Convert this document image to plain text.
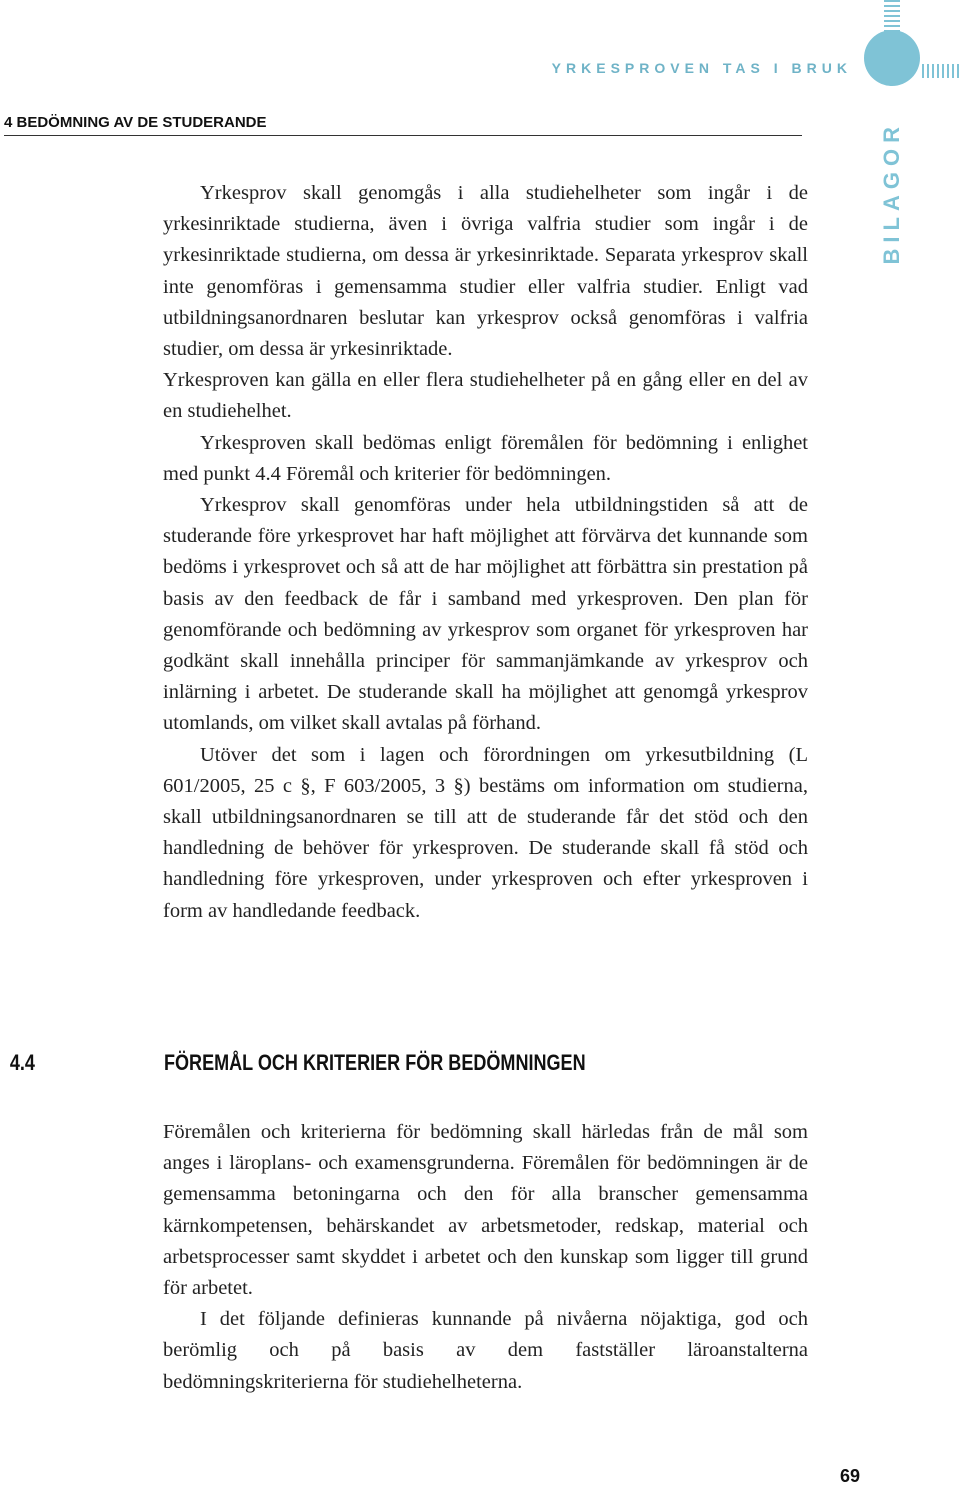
YRKESPROVEN TAS I BRUK
BILAGOR
4 BEDÖMNING AV DE STUDERANDE

Yrkesprov skall genomgås i alla studiehelheter som ingår i de yrkesinriktade studierna, även i övriga valfria studier som ingår i de yrkesinriktade studierna, om dessa är yrkesinriktade. Separata yrkesprov skall inte genomföras i gemensamma studier eller valfria studier. Enligt vad utbildningsanordnaren beslutar kan yrkesprov också genomföras i valfria studier, om dessa är yrkesinriktade.

Yrkesproven kan gälla en eller flera studiehelheter på en gång eller en del av en studiehelhet.

Yrkesproven skall bedömas enligt föremålen för bedömning i enlighet med punkt 4.4 Föremål och kriterier för bedömningen.

Yrkesprov skall genomföras under hela utbildningstiden så att de studerande före yrkesprovet har haft möjlighet att förvärva det kunnande som bedöms i yrkesprovet och så att de har möjlighet att förbättra sin prestation på basis av den feedback de får i samband med yrkesproven. Den plan för genomförande och bedömning av yrkesprov som organet för yrkesproven har godkänt skall innehålla principer för sammanjämkande av yrkesprov och inlärning i arbetet. De studerande skall ha möjlighet att genomgå yrkesprov utomlands, om vilket skall avtalas på förhand.

Utöver det som i lagen och förordningen om yrkesutbildning (L 601/2005, 25 c §, F 603/2005, 3 §) bestäms om information om studierna, skall utbildningsanordnaren se till att de studerande får det stöd och den handledning de behöver för yrkesproven. De studerande skall få stöd och handledning före yrkesproven, under yrkesproven och efter yrkesproven i form av handledande feedback.

4.4	FÖREMÅL OCH KRITERIER FÖR BEDÖMNINGEN

Föremålen och kriterierna för bedömning skall härledas från de mål som anges i läroplans- och examensgrunderna. Föremålen för bedömningen är de gemensamma betoningarna och den för alla branscher gemensamma kärnkompetensen, behärskandet av arbetsmetoder, redskap, material och arbetsprocesser samt skyddet i arbetet och den kunskap som ligger till grund för arbetet.

I det följande definieras kunnande på nivåerna nöjaktiga, god och berömlig och på basis av dem fastställer läroanstalterna bedömningskriterierna för studiehelheterna.

69
